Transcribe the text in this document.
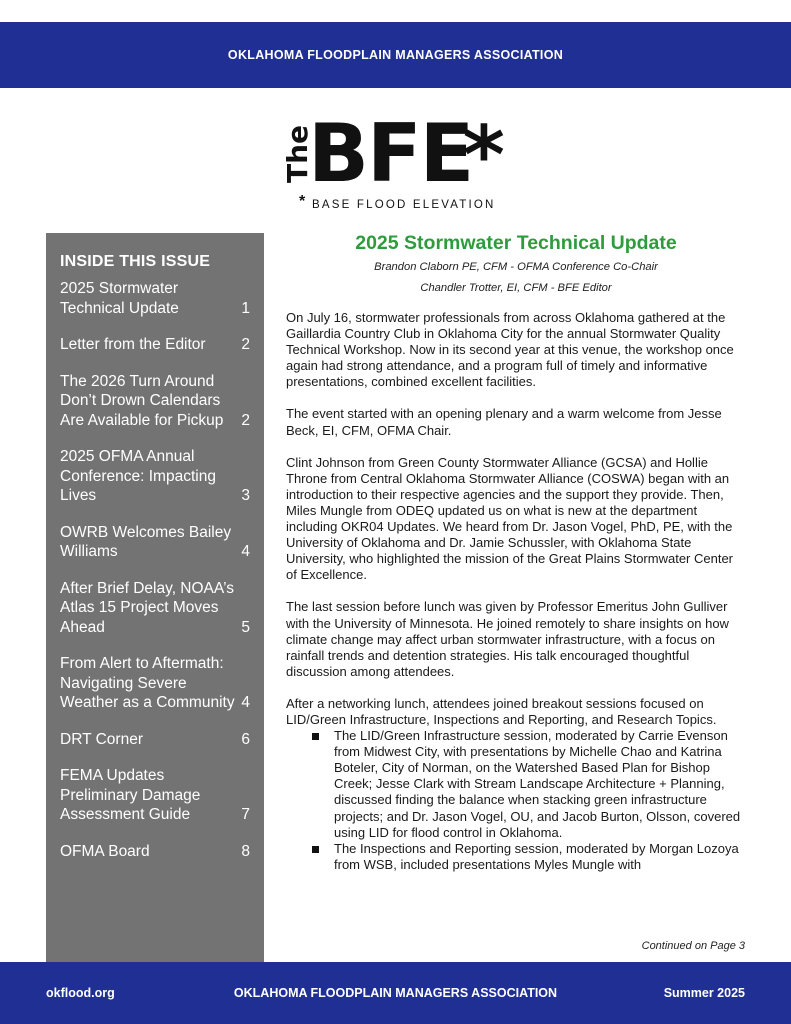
OKLAHOMA FLOODPLAIN MANAGERS ASSOCIATION
The
BFE
*
* BASE FLOOD ELEVATION
INSIDE THIS ISSUE
2025 Stormwater Technical Update	1
Letter from the Editor	2
The 2026 Turn Around Don’t Drown Calendars Are Available for Pickup	2
2025 OFMA Annual Conference: Impacting Lives	3
OWRB Welcomes Bailey Williams	4
After Brief Delay, NOAA’s Atlas 15 Project Moves Ahead	5
From Alert to Aftermath: Navigating Severe Weather as a Community 4
DRT Corner	6
FEMA Updates Preliminary Damage Assessment Guide	7
OFMA Board	8
2025 Stormwater Technical Update
Brandon Claborn PE, CFM - OFMA Conference Co-Chair
Chandler Trotter, EI, CFM - BFE Editor

On July 16, stormwater professionals from across Oklahoma gathered at the Gaillardia Country Club in Oklahoma City for the annual Stormwater Quality Technical Workshop. Now in its second year at this venue, the workshop once again had strong attendance, and a program full of timely and informative presentations, combined excellent facilities.

The event started with an opening plenary and a warm welcome from Jesse Beck, EI, CFM, OFMA Chair.

Clint Johnson from Green County Stormwater Alliance (GCSA) and Hollie Throne from Central Oklahoma Stormwater Alliance (COSWA) began with an introduction to their respective agencies and the support they provide. Then, Miles Mungle from ODEQ updated us on what is new at the department including OKR04 Updates. We heard from Dr. Jason Vogel, PhD, PE, with the University of Oklahoma and Dr. Jamie Schussler, with Oklahoma State University, who highlighted the mission of the Great Plains Stormwater Center of Excellence.

The last session before lunch was given by Professor Emeritus John Gulliver with the University of Minnesota. He joined remotely to share insights on how climate change may affect urban stormwater infrastructure, with a focus on rainfall trends and detention strategies. His talk encouraged thoughtful discussion among attendees.

After a networking lunch, attendees joined breakout sessions focused on LID/Green Infrastructure, Inspections and Reporting, and Research Topics.

The LID/Green Infrastructure session, moderated by Carrie Evenson from Midwest City, with presentations by Michelle Chao and Katrina Boteler, City of Norman, on the Watershed Based Plan for Bishop Creek; Jesse Clark with Stream Landscape Architecture + Planning, discussed finding the balance when stacking green infrastructure projects; and Dr. Jason Vogel, OU, and Jacob Burton, Olsson, covered using LID for flood control in Oklahoma.
The Inspections and Reporting session, moderated by Morgan Lozoya from WSB, included presentations Myles Mungle with
Continued on Page 3
okflood.org	OKLAHOMA FLOODPLAIN MANAGERS ASSOCIATION	Summer 2025
